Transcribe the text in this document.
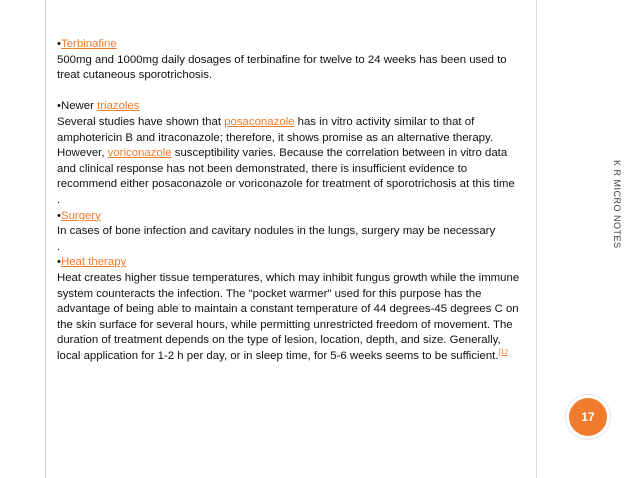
•Terbinafine

500mg and 1000mg daily dosages of terbinafine for twelve to 24 weeks has been used to treat cutaneous sporotrichosis.

•Newer triazoles

Several studies have shown that posaconazole has in vitro activity similar to that of amphotericin B and itraconazole; therefore, it shows promise as an alternative therapy. However, voriconazole susceptibility varies. Because the correlation between in vitro data and clinical response has not been demonstrated, there is insufficient evidence to recommend either posaconazole or voriconazole for treatment of sporotrichosis at this time

.

•Surgery

In cases of bone infection and cavitary nodules in the lungs, surgery may be necessary

.

•Heat therapy

Heat creates higher tissue temperatures, which may inhibit fungus growth while the immune system counteracts the infection. The "pocket warmer" used for this purpose has the advantage of being able to maintain a constant temperature of 44 degrees-45 degrees C on the skin surface for several hours, while permitting unrestricted freedom of movement. The duration of treatment depends on the type of lesion, location, depth, and size. Generally, local application for 1-2 h per day, or in sleep time, for 5-6 weeks seems to be sufficient.$^{[12}$

K R MICRO NOTES
17
